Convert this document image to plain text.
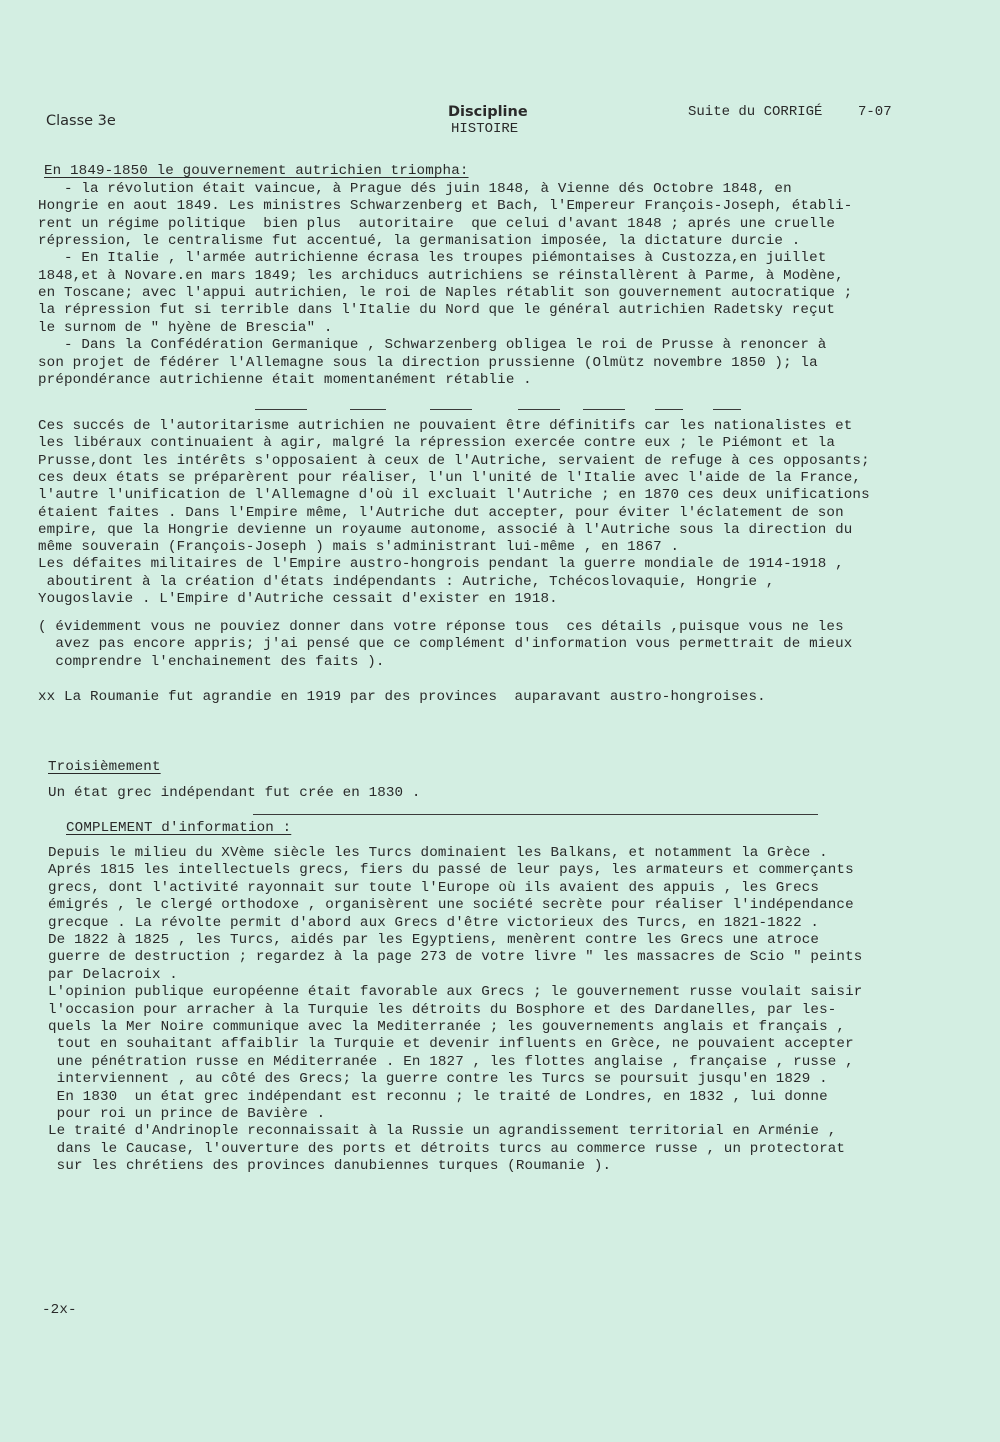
Classe 3e
Discipline
HISTOIRE
Suite du CORRIGÉ	7-07
En 1849-1850 le gouvernement autrichien triompha:
- la révolution était vaincue, à Prague dés juin 1848, à Vienne dés Octobre 1848, en
Hongrie en aout 1849. Les ministres Schwarzenberg et Bach, l'Empereur François-Joseph, établi-
rent un régime politique  bien plus  autoritaire  que celui d'avant 1848 ; aprés une cruelle
répression, le centralisme fut accentué, la germanisation imposée, la dictature durcie .
- En Italie , l'armée autrichienne écrasa les troupes piémontaises à Custozza,en juillet
1848,et à Novare.en mars 1849; les archiducs autrichiens se réinstallèrent à Parme, à Modène,
en Toscane; avec l'appui autrichien, le roi de Naples rétablit son gouvernement autocratique ;
la répression fut si terrible dans l'Italie du Nord que le général autrichien Radetsky reçut
le surnom de " hyène de Brescia" .
- Dans la Confédération Germanique , Schwarzenberg obligea le roi de Prusse à renoncer à
son projet de fédérer l'Allemagne sous la direction prussienne (Olmütz novembre 1850 ); la
prépondérance autrichienne était momentanément rétablie .
Ces succés de l'autoritarisme autrichien ne pouvaient être définitifs car les nationalistes et
les libéraux continuaient à agir, malgré la répression exercée contre eux ; le Piémont et la
Prusse,dont les intérêts s'opposaient à ceux de l'Autriche, servaient de refuge à ces opposants;
ces deux états se préparèrent pour réaliser, l'un l'unité de l'Italie avec l'aide de la France,
l'autre l'unification de l'Allemagne d'où il excluait l'Autriche ; en 1870 ces deux unifications
étaient faites . Dans l'Empire même, l'Autriche dut accepter, pour éviter l'éclatement de son
empire, que la Hongrie devienne un royaume autonome, associé à l'Autriche sous la direction du
même souverain (François-Joseph ) mais s'administrant lui-même , en 1867 .
Les défaites militaires de l'Empire austro-hongrois pendant la guerre mondiale de 1914-1918 ,
aboutirent à la création d'états indépendants : Autriche, Tchécoslovaquie, Hongrie ,
Yougoslavie . L'Empire d'Autriche cessait d'exister en 1918.
( évidemment vous ne pouviez donner dans votre réponse tous  ces détails ,puisque vous ne les
avez pas encore appris; j'ai pensé que ce complément d'information vous permettrait de mieux
comprendre l'enchainement des faits ).
xx La Roumanie fut agrandie en 1919 par des provinces  auparavant austro-hongroises.
Troisièmement
Un état grec indépendant fut crée en 1830 .
COMPLEMENT d'information :
Depuis le milieu du XVème siècle les Turcs dominaient les Balkans, et notamment la Grèce .
Aprés 1815 les intellectuels grecs, fiers du passé de leur pays, les armateurs et commerçants
grecs, dont l'activité rayonnait sur toute l'Europe où ils avaient des appuis , les Grecs
émigrés , le clergé orthodoxe , organisèrent une société secrète pour réaliser l'indépendance
grecque . La révolte permit d'abord aux Grecs d'être victorieux des Turcs, en 1821-1822 .
De 1822 à 1825 , les Turcs, aidés par les Egyptiens, menèrent contre les Grecs une atroce
guerre de destruction ; regardez à la page 273 de votre livre " les massacres de Scio " peints
par Delacroix .
L'opinion publique européenne était favorable aux Grecs ; le gouvernement russe voulait saisir
l'occasion pour arracher à la Turquie les détroits du Bosphore et des Dardanelles, par les-
quels la Mer Noire communique avec la Mediterranée ; les gouvernements anglais et français ,
tout en souhaitant affaiblir la Turquie et devenir influents en Grèce, ne pouvaient accepter
une pénétration russe en Méditerranée . En 1827 , les flottes anglaise , française , russe ,
interviennent , au côté des Grecs; la guerre contre les Turcs se poursuit jusqu'en 1829 .
En 1830  un état grec indépendant est reconnu ; le traité de Londres, en 1832 , lui donne
pour roi un prince de Bavière .
Le traité d'Andrinople reconnaissait à la Russie un agrandissement territorial en Arménie ,
dans le Caucase, l'ouverture des ports et détroits turcs au commerce russe , un protectorat
sur les chrétiens des provinces danubiennes turques (Roumanie ).
-2x-
